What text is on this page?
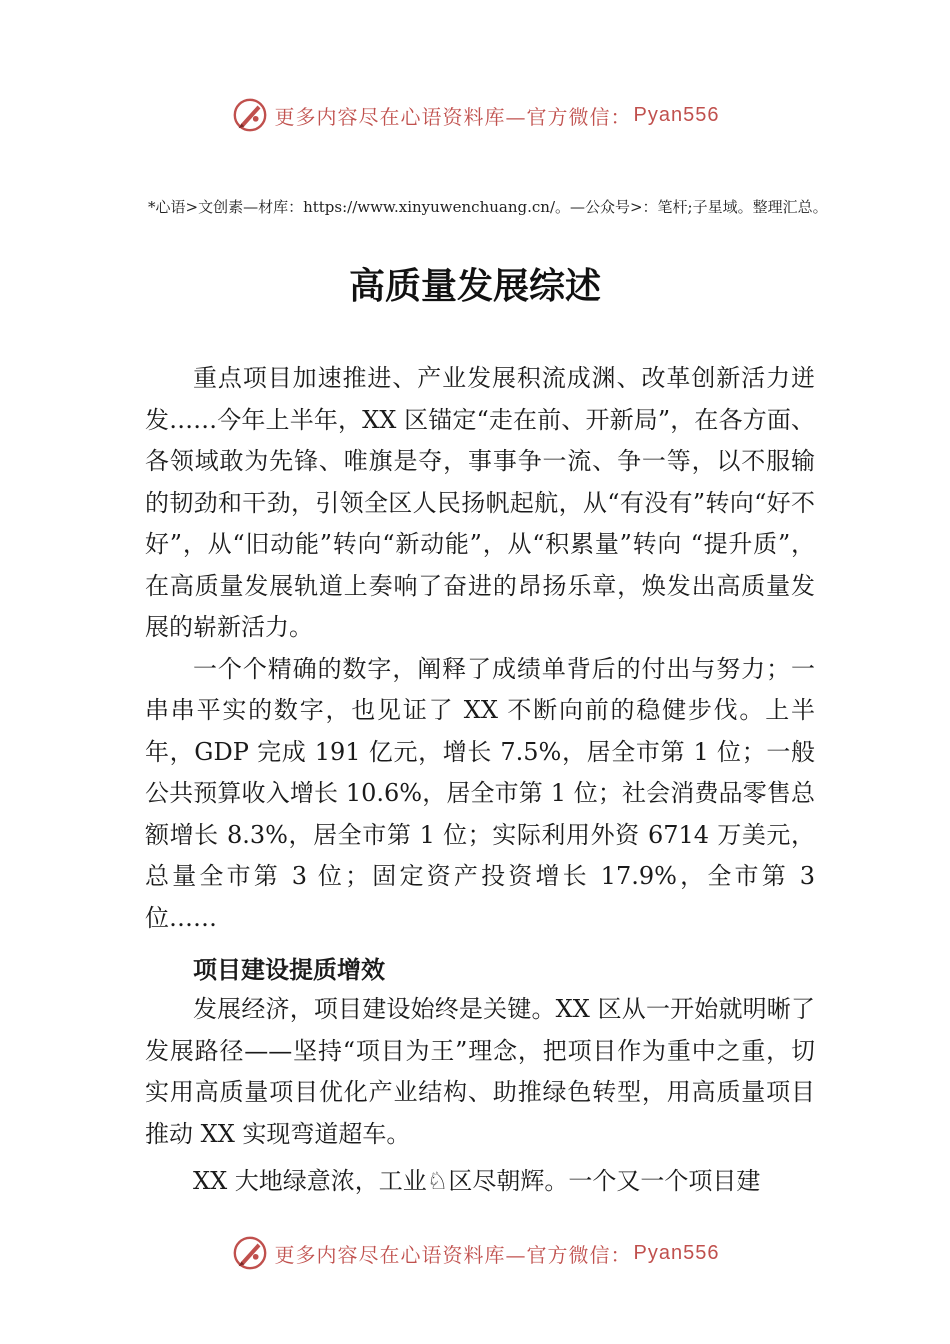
更多内容尽在心语资料库—官方微信： Pyan556
*心语>文创素—材库：https://www.xinyuwenchuang.cn/。—公众号>：笔杆;子星域。整理汇总。
高质量发展综述

重点项目加速推进、产业发展积流成渊、改革创新活力迸发……今年上半年，XX 区锚定“走在前、开新局”，在各方面、各领域敢为先锋、唯旗是夺，事事争一流、争一等，以不服输的韧劲和干劲，引领全区人民扬帆起航，从“有没有”转向“好不好”，从“旧动能”转向“新动能”，从“积累量”转向 “提升质”，在高质量发展轨道上奏响了奋进的昂扬乐章，焕发出高质量发展的崭新活力。

一个个精确的数字，阐释了成绩单背后的付出与努力；一串串平实的数字，也见证了 XX 不断向前的稳健步伐。上半年，GDP 完成 191 亿元，增长 7.5%，居全市第 1 位；一般公共预算收入增长 10.6%，居全市第 1 位；社会消费品零售总额增长 8.3%，居全市第 1 位；实际利用外资 6714 万美元，总量全市第 3 位；固定资产投资增长 17.9%，全市第 3 位……

项目建设提质增效

发展经济，项目建设始终是关键。XX 区从一开始就明晰了发展路径——坚持“项目为王”理念，把项目作为重中之重，切实用高质量项目优化产业结构、助推绿色转型，用高质量项目推动 XX 实现弯道超车。

XX 大地绿意浓，工业♘区尽朝辉。一个又一个项目建

更多内容尽在心语资料库—官方微信： Pyan556
